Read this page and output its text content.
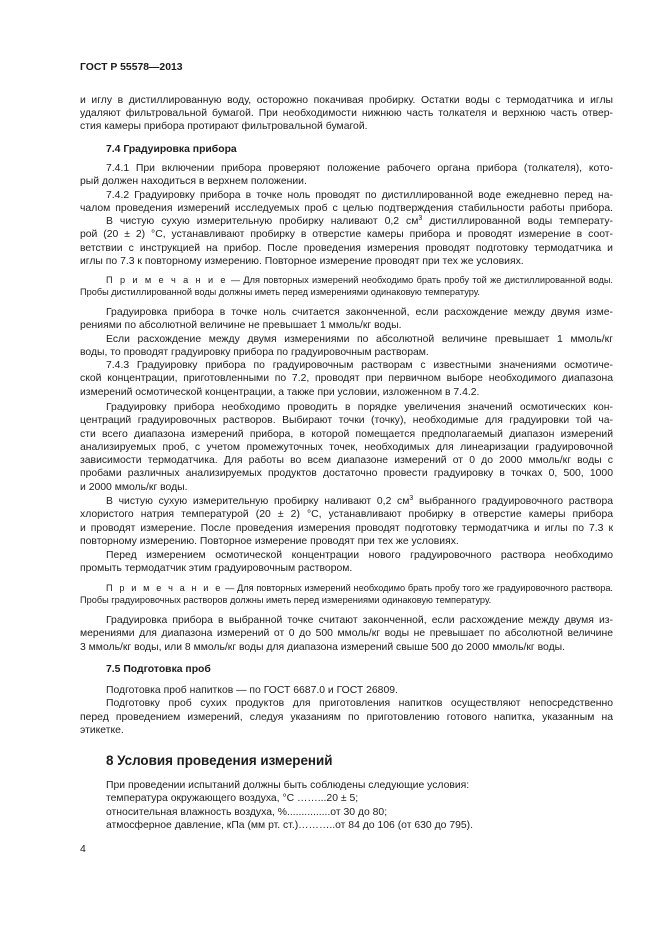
ГОСТ Р 55578—2013
и иглу в дистиллированную воду, осторожно покачивая пробирку. Остатки воды с термодатчика и иглы
удаляют фильтровальной бумагой. При необходимости нижнюю часть толкателя и верхнюю часть отвер-
стия камеры прибора протирают фильтровальной бумагой.
7.4 Градуировка прибора
7.4.1 При включении прибора проверяют положение рабочего органа прибора (толкателя), кото-
рый должен находиться в верхнем положении.
7.4.2 Градуировку прибора в точке ноль проводят по дистиллированной воде ежедневно перед на-
чалом проведения измерений исследуемых проб с целью подтверждения стабильности работы прибора.
В чистую сухую измерительную пробирку наливают 0,2 $см^3$ дистиллированной воды температу-
рой (20 ± 2) °С, устанавливают пробирку в отверстие камеры прибора и проводят измерение в соот-
ветствии с инструкцией на прибор. После проведения измерения проводят подготовку термодатчика и
иглы по 7.3 к повторному измерению. Повторное измерение проводят при тех же условиях.
П р и м е ч а н и е — Для повторных измерений необходимо брать пробу той же дистиллированной воды.
Пробы дистиллированной воды должны иметь перед измерениями одинаковую температуру.
Градуировка прибора в точке ноль считается законченной, если расхождение между двумя изме-
рениями по абсолютной величине не превышает 1 ммоль/кг воды.
Если расхождение между двумя измерениями по абсолютной величине превышает 1 ммоль/кг
воды, то проводят градуировку прибора по градуировочным растворам.
7.4.3 Градуировку прибора по градуировочным растворам с известными значениями осмотиче-
ской концентрации, приготовленными по 7.2, проводят при первичном выборе необходимого диапазона
измерений осмотической концентрации, а также при условии, изложенном в 7.4.2.
Градуировку прибора необходимо проводить в порядке увеличения значений осмотических кон-
центраций градуировочных растворов. Выбирают точки (точку), необходимые для градуировки той ча-
сти всего диапазона измерений прибора, в которой помещается предполагаемый диапазон измерений
анализируемых проб, с учетом промежуточных точек, необходимых для линеаризации градуировочной
зависимости термодатчика. Для работы во всем диапазоне измерений от 0 до 2000 ммоль/кг воды с
пробами различных анализируемых продуктов достаточно провести градуировку в точках 0, 500, 1000
и 2000 ммоль/кг воды.
В чистую сухую измерительную пробирку наливают 0,2 $см^3$ выбранного градуировочного раствора
хлористого натрия температурой (20 ± 2) °С, устанавливают пробирку в отверстие камеры прибора
и проводят измерение. После проведения измерения проводят подготовку термодатчика и иглы по 7.3 к
повторному измерению. Повторное измерение проводят при тех же условиях.
Перед измерением осмотической концентрации нового градуировочного раствора необходимо
промыть термодатчик этим градуировочным раствором.
П р и м е ч а н и е — Для повторных измерений необходимо брать пробу того же градуировочного раствора.
Пробы градуировочных растворов должны иметь перед измерениями одинаковую температуру.
Градуировка прибора в выбранной точке считают законченной, если расхождение между двумя из-
мерениями для диапазона измерений от 0 до 500 ммоль/кг воды не превышает по абсолютной величине
3 ммоль/кг воды, или 8 ммоль/кг воды для диапазона измерений свыше 500 до 2000 ммоль/кг воды.
7.5 Подготовка проб
Подготовка проб напитков — по ГОСТ 6687.0 и ГОСТ 26809.
Подготовку проб сухих продуктов для приготовления напитков осуществляют непосредственно
перед проведением измерений, следуя указаниям по приготовлению готового напитка, указанным на
этикетке.
8 Условия проведения измерений
При проведении испытаний должны быть соблюдены следующие условия:
температура окружающего воздуха, °С ……...20 ± 5;
относительная влажность воздуха, %...............от 30 до 80;
атмосферное давление, кПа (мм рт. ст.)………..от 84 до 106 (от 630 до 795).
4
